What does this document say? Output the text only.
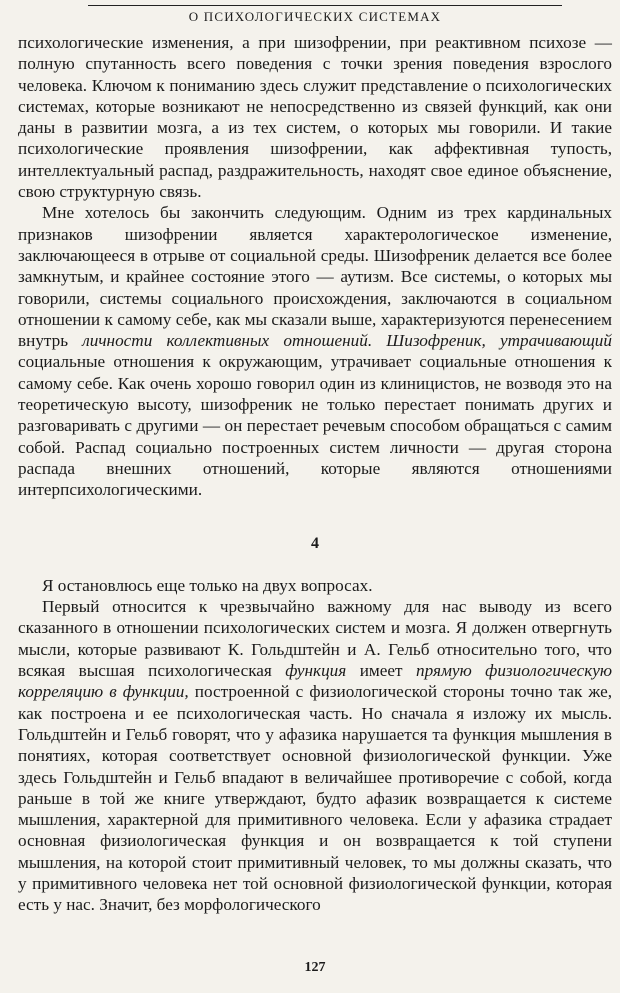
О ПСИХОЛОГИЧЕСКИХ СИСТЕМАХ

психологические изменения, а при шизофрении, при реактивном психозе — полную спутанность всего поведения с точки зрения поведения взрослого человека. Ключом к пониманию здесь служит представление о психологических системах, которые возникают не непосредственно из связей функций, как они даны в развитии мозга, а из тех систем, о которых мы говорили. И такие психологические проявления шизофрении, как аффективная тупость, интеллектуальный распад, раздражительность, находят свое единое объяснение, свою структурную связь.

Мне хотелось бы закончить следующим. Одним из трех кардинальных признаков шизофрении является характерологическое изменение, заключающееся в отрыве от социальной среды. Шизофреник делается все более замкнутым, и крайнее состояние этого — аутизм. Все системы, о которых мы говорили, системы социального происхождения, заключаются в социальном отношении к самому себе, как мы сказали выше, характеризуются перенесением внутрь личности коллективных отношений. Шизофреник, утрачивающий социальные отношения к окружающим, утрачивает социальные отношения к самому себе. Как очень хорошо говорил один из клиницистов, не возводя это на теоретическую высоту, шизофреник не только перестает понимать других и разговаривать с другими — он перестает речевым способом обращаться с самим собой. Распад социально построенных систем личности — другая сторона распада внешних отношений, которые являются отношениями интерпсихологическими.

4

Я остановлюсь еще только на двух вопросах.

Первый относится к чрезвычайно важному для нас выводу из всего сказанного в отношении психологических систем и мозга. Я должен отвергнуть мысли, которые развивают К. Гольдштейн и А. Гельб относительно того, что всякая высшая психологическая функция имеет прямую физиологическую корреляцию в функции, построенной с физиологической стороны точно так же, как построена и ее психологическая часть. Но сначала я изложу их мысль. Гольдштейн и Гельб говорят, что у афазика нарушается та функция мышления в понятиях, которая соответствует основной физиологической функции. Уже здесь Гольдштейн и Гельб впадают в величайшее противоречие с собой, когда раньше в той же книге утверждают, будто афазик возвращается к системе мышления, характерной для примитивного человека. Если у афазика страдает основная физиологическая функция и он возвращается к той ступени мышления, на которой стоит примитивный человек, то мы должны сказать, что у примитивного человека нет той основной физиологической функции, которая есть у нас. Значит, без морфологического

127
